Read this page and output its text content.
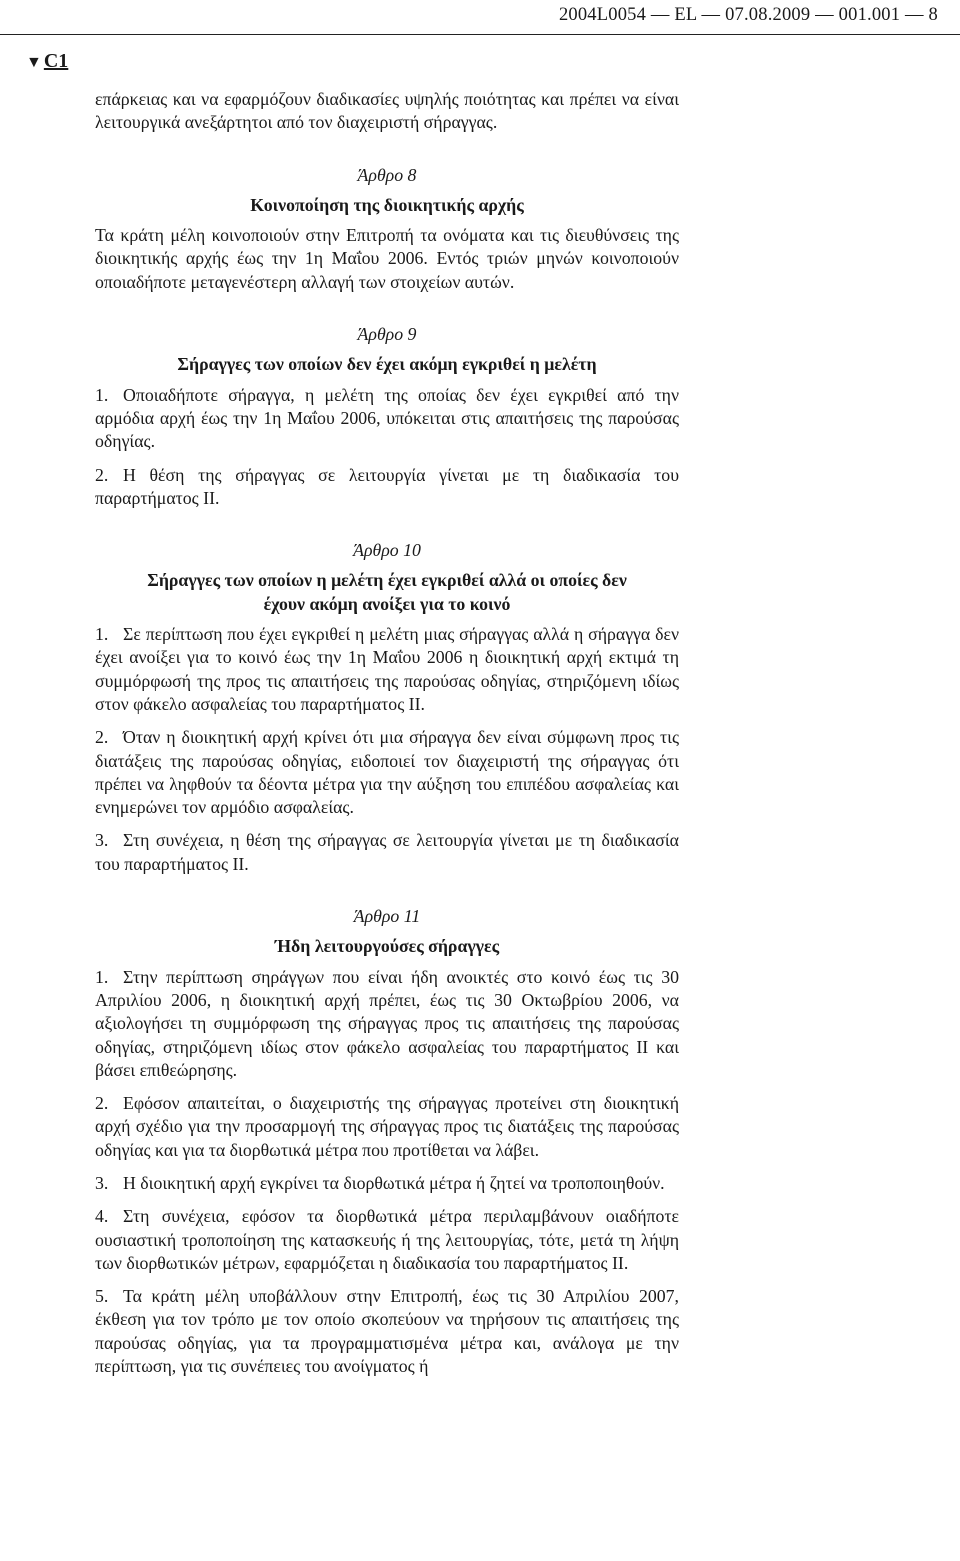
2004L0054 — EL — 07.08.2009 — 001.001 — 8
▼ C1

επάρκειας και να εφαρμόζουν διαδικασίες υψηλής ποιότητας και πρέπει να είναι λειτουργικά ανεξάρτητοι από τον διαχειριστή σήραγγας.

Άρθρο 8

Κοινοποίηση της διοικητικής αρχής

Τα κράτη μέλη κοινοποιούν στην Επιτροπή τα ονόματα και τις διευθύνσεις της διοικητικής αρχής έως την 1η Μαΐου 2006. Εντός τριών μηνών κοινοποιούν οποιαδήποτε μεταγενέστερη αλλαγή των στοιχείων αυτών.

Άρθρο 9

Σήραγγες των οποίων δεν έχει ακόμη εγκριθεί η μελέτη

1. Οποιαδήποτε σήραγγα, η μελέτη της οποίας δεν έχει εγκριθεί από την αρμόδια αρχή έως την 1η Μαΐου 2006, υπόκειται στις απαιτήσεις της παρούσας οδηγίας.

2. Η θέση της σήραγγας σε λειτουργία γίνεται με τη διαδικασία του παραρτήματος II.

Άρθρο 10

Σήραγγες των οποίων η μελέτη έχει εγκριθεί αλλά οι οποίες δεν
έχουν ακόμη ανοίξει για το κοινό

1. Σε περίπτωση που έχει εγκριθεί η μελέτη μιας σήραγγας αλλά η σήραγγα δεν έχει ανοίξει για το κοινό έως την 1η Μαΐου 2006 η διοικητική αρχή εκτιμά τη συμμόρφωσή της προς τις απαιτήσεις της παρούσας οδηγίας, στηριζόμενη ιδίως στον φάκελο ασφαλείας του παραρτήματος II.

2. Όταν η διοικητική αρχή κρίνει ότι μια σήραγγα δεν είναι σύμφωνη προς τις διατάξεις της παρούσας οδηγίας, ειδοποιεί τον διαχειριστή της σήραγγας ότι πρέπει να ληφθούν τα δέοντα μέτρα για την αύξηση του επιπέδου ασφαλείας και ενημερώνει τον αρμόδιο ασφαλείας.

3. Στη συνέχεια, η θέση της σήραγγας σε λειτουργία γίνεται με τη διαδικασία του παραρτήματος II.

Άρθρο 11

Ήδη λειτουργούσες σήραγγες

1. Στην περίπτωση σηράγγων που είναι ήδη ανοικτές στο κοινό έως τις 30 Απριλίου 2006, η διοικητική αρχή πρέπει, έως τις 30 Οκτωβρίου 2006, να αξιολογήσει τη συμμόρφωση της σήραγγας προς τις απαιτήσεις της παρούσας οδηγίας, στηριζόμενη ιδίως στον φάκελο ασφαλείας του παραρτήματος II και βάσει επιθεώρησης.

2. Εφόσον απαιτείται, ο διαχειριστής της σήραγγας προτείνει στη διοικητική αρχή σχέδιο για την προσαρμογή της σήραγγας προς τις διατάξεις της παρούσας οδηγίας και για τα διορθωτικά μέτρα που προτίθεται να λάβει.

3. Η διοικητική αρχή εγκρίνει τα διορθωτικά μέτρα ή ζητεί να τροποποιηθούν.

4. Στη συνέχεια, εφόσον τα διορθωτικά μέτρα περιλαμβάνουν οιαδήποτε ουσιαστική τροποποίηση της κατασκευής ή της λειτουργίας, τότε, μετά τη λήψη των διορθωτικών μέτρων, εφαρμόζεται η διαδικασία του παραρτήματος II.

5. Τα κράτη μέλη υποβάλλουν στην Επιτροπή, έως τις 30 Απριλίου 2007, έκθεση για τον τρόπο με τον οποίο σκοπεύουν να τηρήσουν τις απαιτήσεις της παρούσας οδηγίας, για τα προγραμματισμένα μέτρα και, ανάλογα με την περίπτωση, για τις συνέπειες του ανοίγματος ή
